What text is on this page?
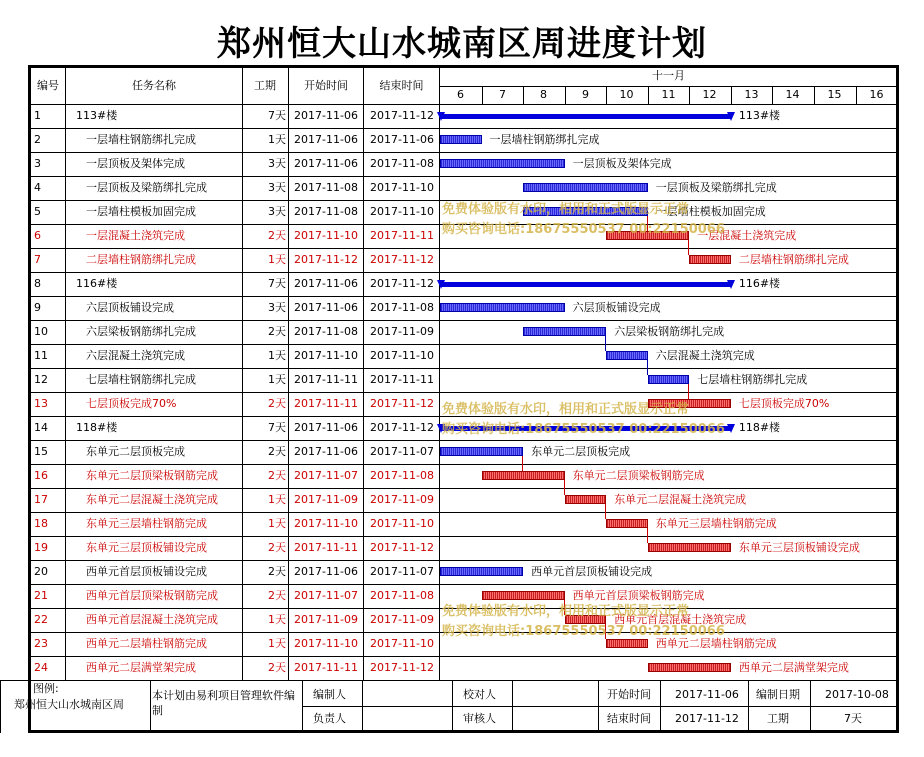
郑州恒大山水城南区周进度计划
编号	任务名称	工期	开始时间	结束时间
十一月
6	7	8	9	10	11	12	13	14	15	16
1	113#楼	7天 2017-11-06	2017-11-12
2	一层墙柱钢筋绑扎完成	1天 2017-11-06	2017-11-06
3	一层顶板及架体完成	3天 2017-11-06	2017-11-08
4	一层顶板及梁筋绑扎完成	3天 2017-11-08	2017-11-10
5	一层墙柱模板加固完成	3天 2017-11-08	2017-11-10
6	一层混凝土浇筑完成	2天 2017-11-10	2017-11-11
7	二层墙柱钢筋绑扎完成	1天 2017-11-12	2017-11-12
8	116#楼	7天 2017-11-06	2017-11-12
9	六层顶板铺设完成	3天 2017-11-06	2017-11-08
10	六层梁板钢筋绑扎完成	2天 2017-11-08	2017-11-09
11	六层混凝土浇筑完成	1天 2017-11-10	2017-11-10
12	七层墙柱钢筋绑扎完成	1天 2017-11-11	2017-11-11
13	七层顶板完成70%	2天 2017-11-11	2017-11-12
14	118#楼	7天 2017-11-06	2017-11-12
15	东单元二层顶板完成	2天 2017-11-06	2017-11-07
16	东单元二层顶梁板钢筋完成	2天 2017-11-07	2017-11-08
17	东单元二层混凝土浇筑完成	1天 2017-11-09	2017-11-09
18	东单元三层墙柱钢筋完成	1天 2017-11-10	2017-11-10
19	东单元三层顶板铺设完成	2天 2017-11-11	2017-11-12
20	西单元首层顶板铺设完成	2天 2017-11-06	2017-11-07
21	西单元首层顶梁板钢筋完成	2天 2017-11-07	2017-11-08
22	西单元首层混凝土浇筑完成	1天 2017-11-09	2017-11-09
23	西单元二层墙柱钢筋完成	1天 2017-11-10	2017-11-10
24	西单元二层满堂架完成	2天 2017-11-11	2017-11-12
113#楼
一层墙柱钢筋绑扎完成
一层顶板及架体完成
一层顶板及梁筋绑扎完成
一层墙柱模板加固完成
一层混凝土浇筑完成
二层墙柱钢筋绑扎完成
116#楼
六层顶板铺设完成
六层梁板钢筋绑扎完成
六层混凝土浇筑完成
七层墙柱钢筋绑扎完成
七层顶板完成70%
118#楼
东单元二层顶板完成
东单元二层顶梁板钢筋完成
东单元二层混凝土浇筑完成
东单元三层墙柱钢筋完成
东单元三层顶板铺设完成
西单元首层顶板铺设完成
西单元首层顶梁板钢筋完成
西单元首层混凝土浇筑完成
西单元二层墙柱钢筋完成
西单元二层满堂架完成
免费体验版有水印，相用和正式版显示正常
购买咨询电话:18675550537 00:22150066
免费体验版有水印，相用和正式版显示正常
购买咨询电话:18675550537 00:22150066
免费体验版有水印，相用和正式版显示正常
购买咨询电话:18675550537 00:22150066
图例:
郑州恒大山水城南区周
本计划由易利项目管理软件编制
编制人	校对人	开始时间 2017-11-06 编制日期 2017-10-08
负责人	审核人	结束时间 2017-11-12	工期	7天
